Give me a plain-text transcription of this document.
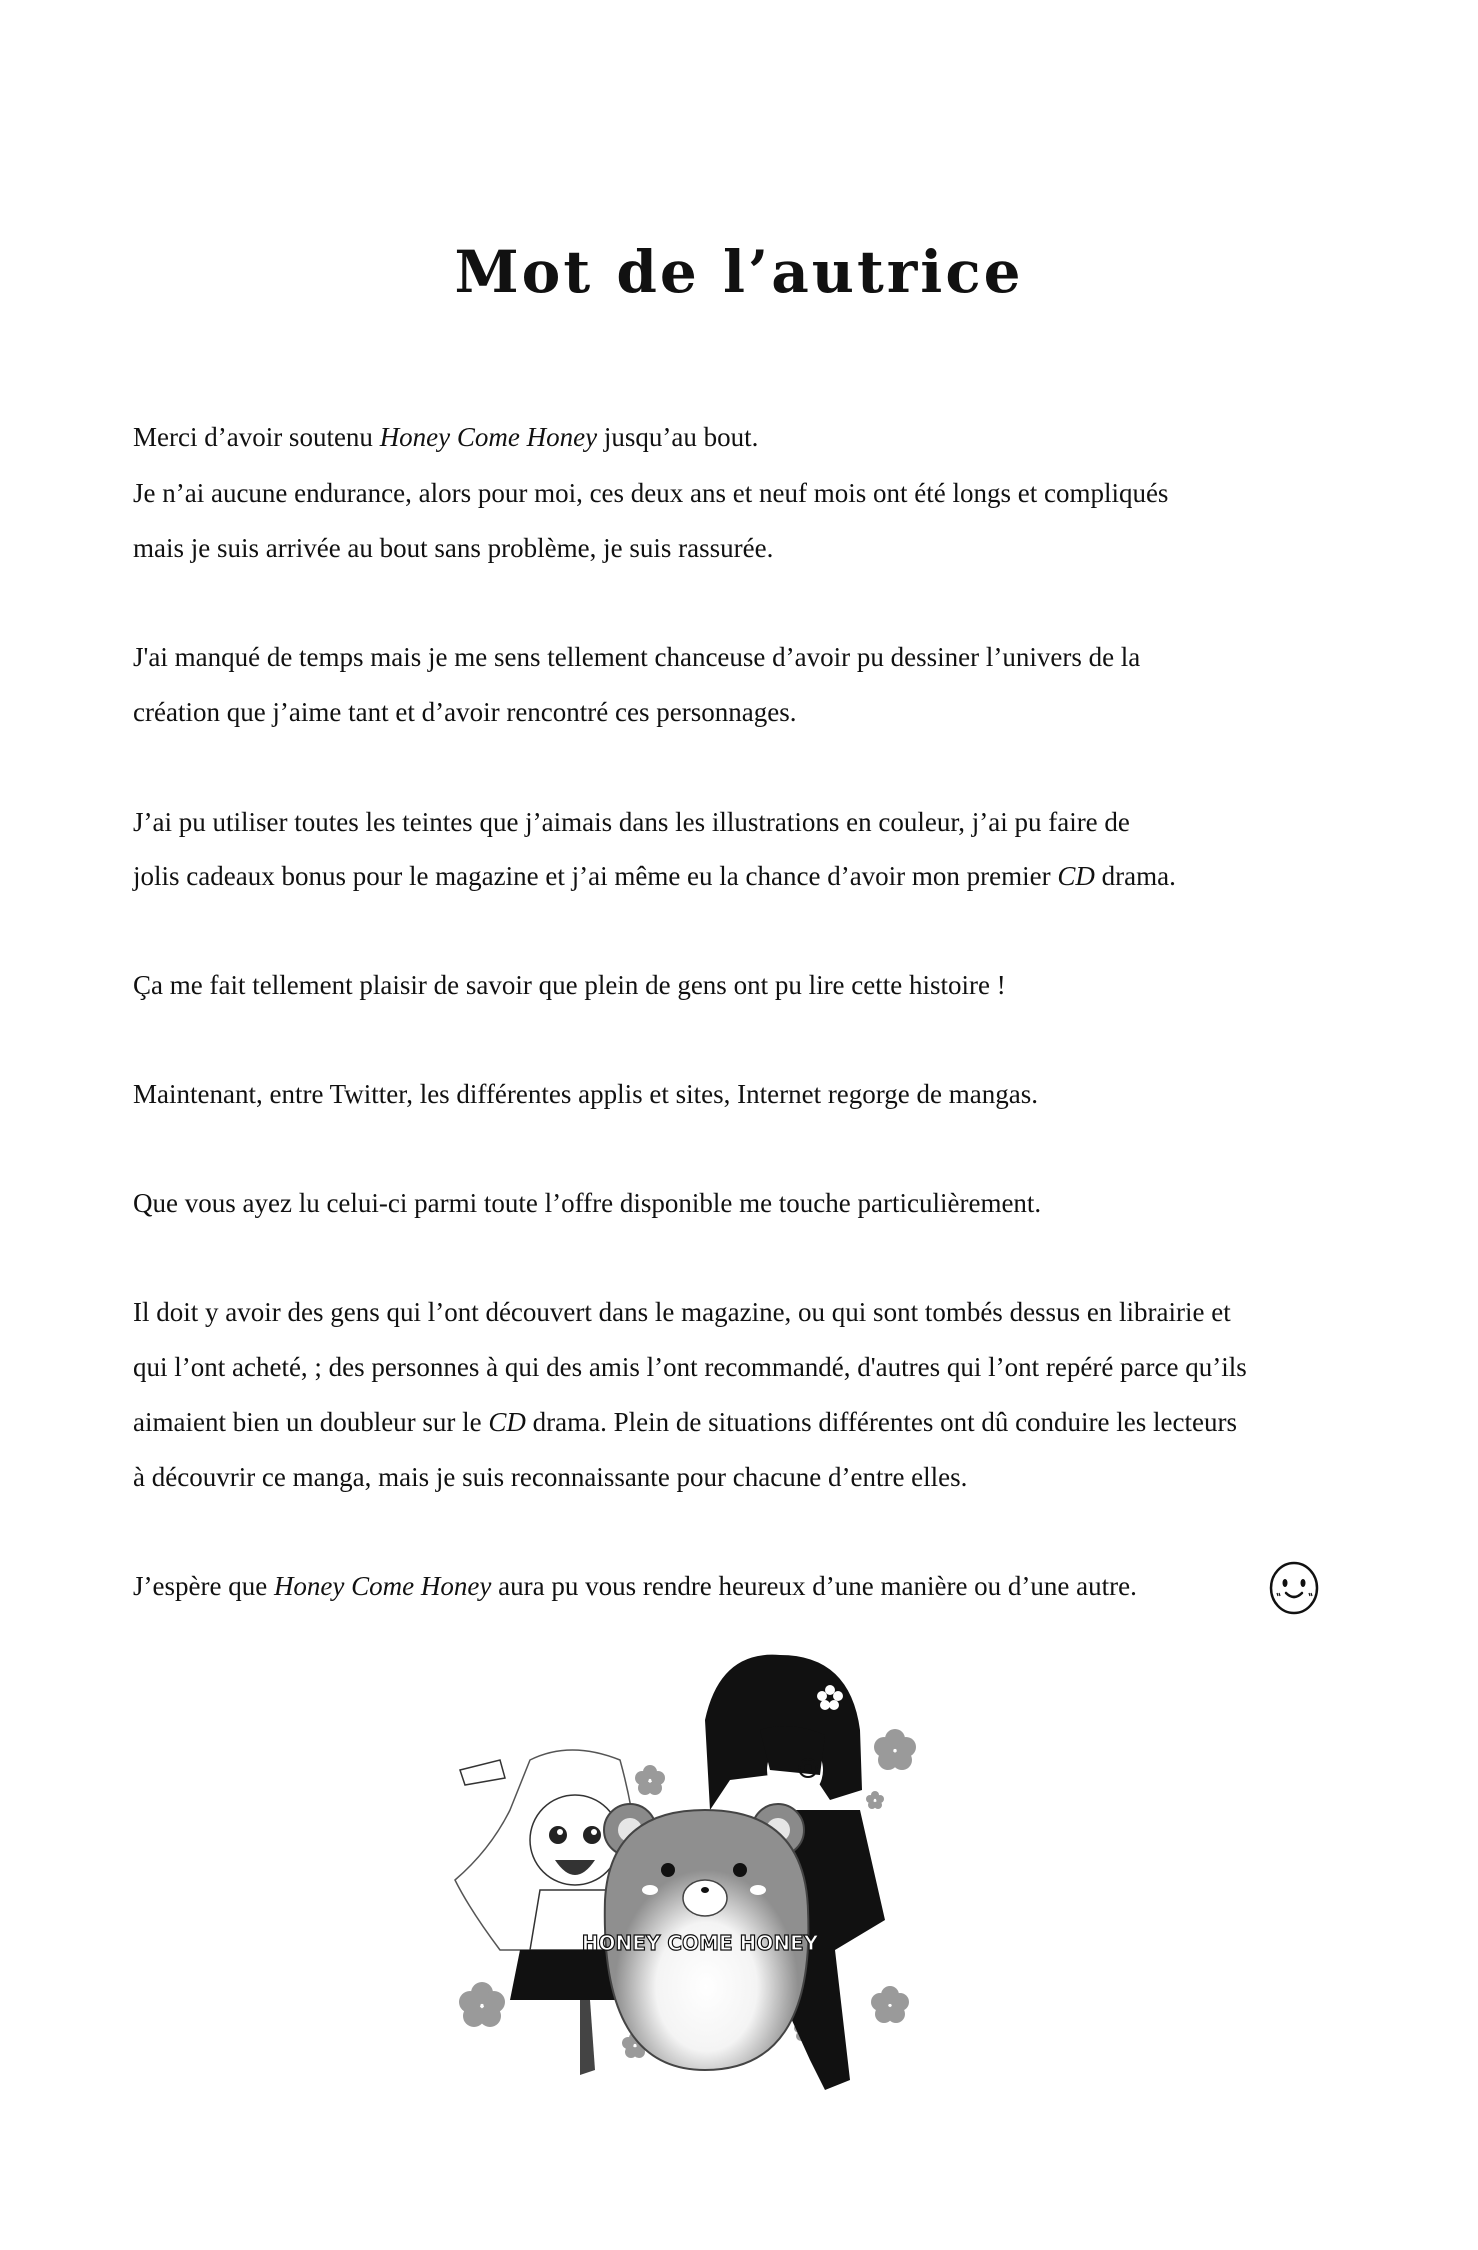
Mot de l’autrice
Merci d’avoir soutenu Honey Come Honey jusqu’au bout.
Je n’ai aucune endurance, alors pour moi, ces deux ans et neuf mois ont été longs et compliqués
mais je suis arrivée au bout sans problème, je suis rassurée.
J'ai manqué de temps mais je me sens tellement chanceuse d’avoir pu dessiner l’univers de la
création que j’aime tant et d’avoir rencontré ces personnages.
J’ai pu utiliser toutes les teintes que j’aimais dans les illustrations en couleur, j’ai pu faire de
jolis cadeaux bonus pour le magazine et j’ai même eu la chance d’avoir mon premier CD drama.
Ça me fait tellement plaisir de savoir que plein de gens ont pu lire cette histoire !
Maintenant, entre Twitter, les différentes applis et sites, Internet regorge de mangas.
Que vous ayez lu celui-ci parmi toute l’offre disponible me touche particulièrement.
Il doit y avoir des gens qui l’ont découvert dans le magazine, ou qui sont tombés dessus en librairie et
qui l’ont acheté, ; des personnes à qui des amis l’ont recommandé, d'autres qui l’ont repéré parce qu’ils
aimaient bien un doubleur sur le CD drama. Plein de situations différentes ont dû conduire les lecteurs
à découvrir ce manga, mais je suis reconnaissante pour chacune d’entre elles.
J’espère que Honey Come Honey aura pu vous rendre heureux d’une manière ou d’une autre.
HONEY COME HONEY
